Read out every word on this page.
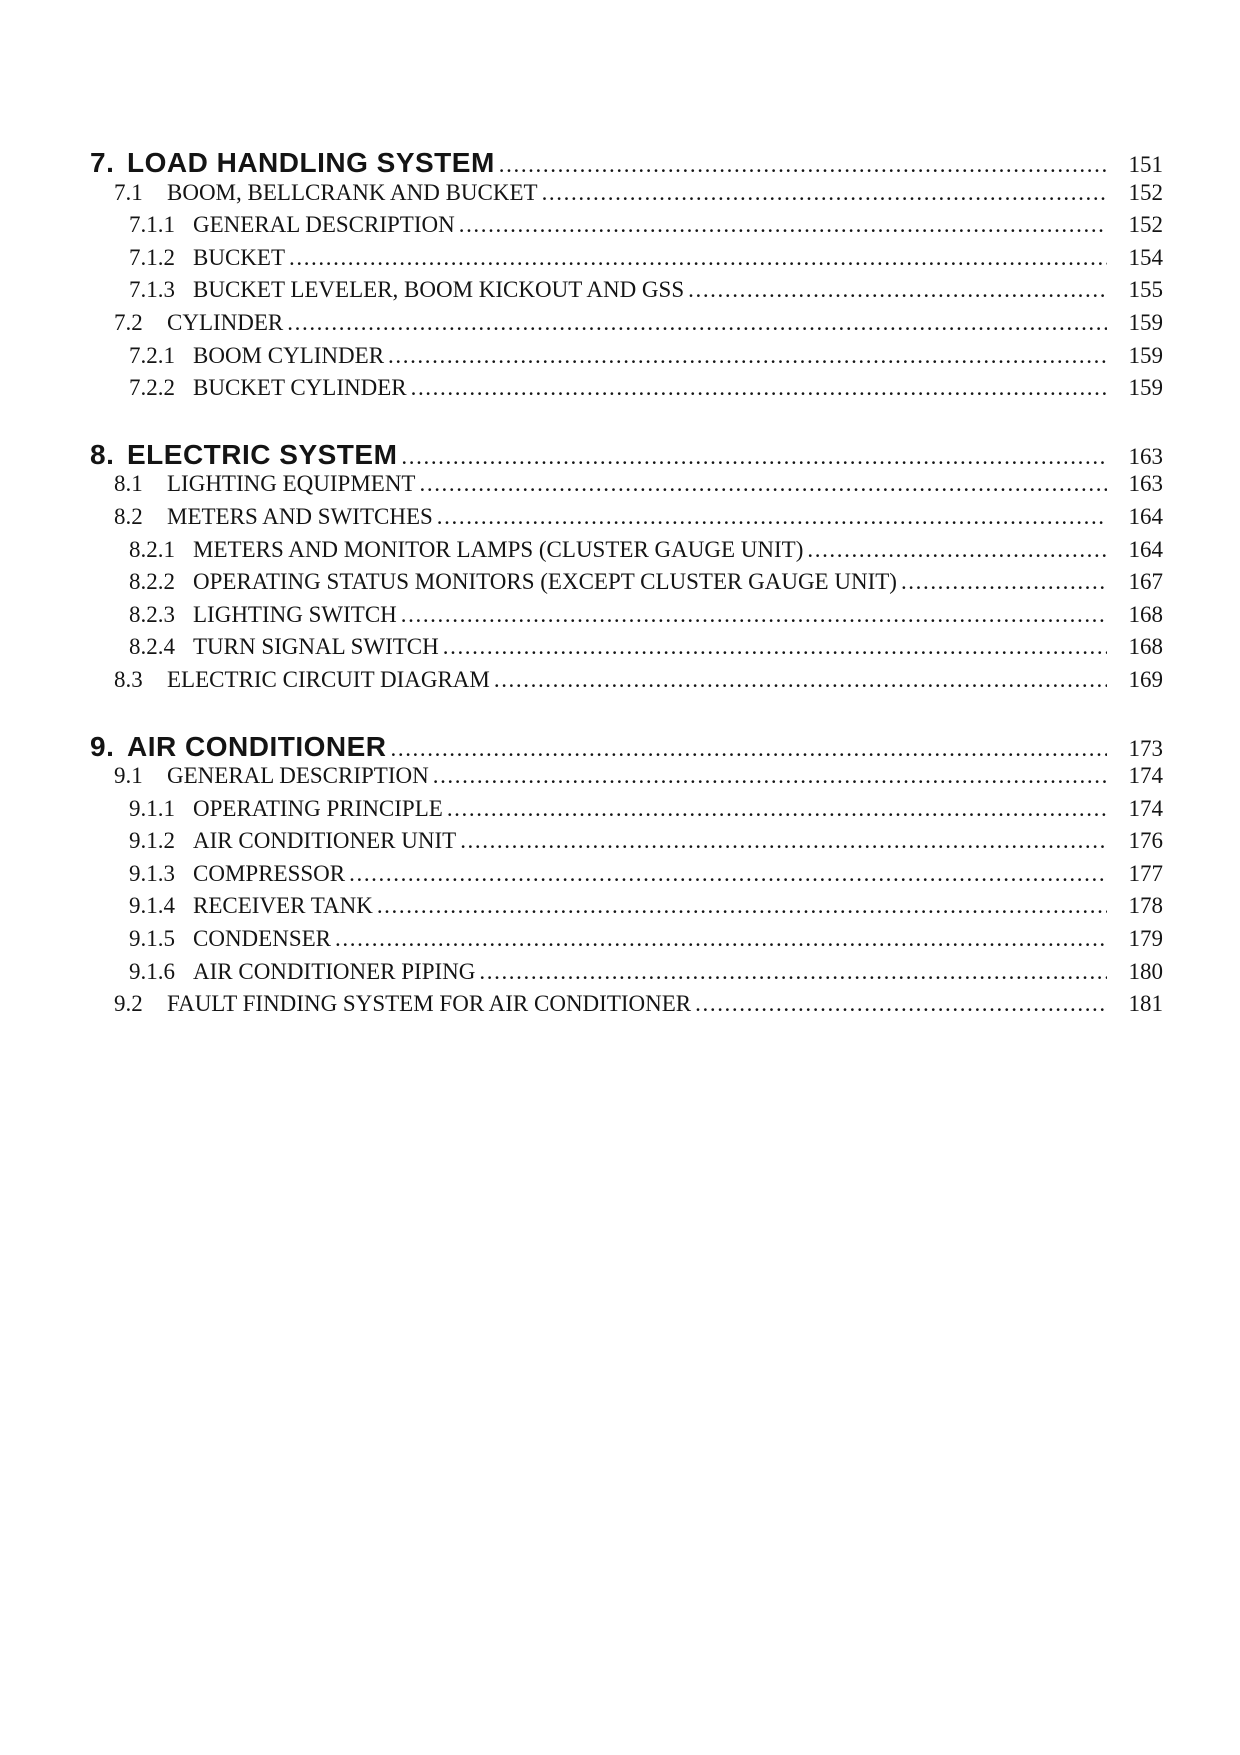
7. LOAD HANDLING SYSTEM .....	151
7.1	BOOM, BELLCRANK AND BUCKET .....	152
7.1.1 GENERAL DESCRIPTION .....	152
7.1.2 BUCKET .....	154
7.1.3 BUCKET LEVELER, BOOM KICKOUT AND GSS .....	155
7.2	CYLINDER .....	159
7.2.1 BOOM CYLINDER .....	159
7.2.2 BUCKET CYLINDER .....	159
8. ELECTRIC SYSTEM .....	163
8.1	LIGHTING EQUIPMENT .....	163
8.2	METERS AND SWITCHES .....	164
8.2.1 METERS AND MONITOR LAMPS (CLUSTER GAUGE UNIT) .....	164
8.2.2 OPERATING STATUS MONITORS (EXCEPT CLUSTER GAUGE UNIT) .....	167
8.2.3 LIGHTING SWITCH .....	168
8.2.4 TURN SIGNAL SWITCH .....	168
8.3	ELECTRIC CIRCUIT DIAGRAM .....	169
9. AIR CONDITIONER .....	173
9.1	GENERAL DESCRIPTION .....	174
9.1.1 OPERATING PRINCIPLE .....	174
9.1.2 AIR CONDITIONER UNIT .....	176
9.1.3 COMPRESSOR .....	177
9.1.4 RECEIVER TANK .....	178
9.1.5 CONDENSER .....	179
9.1.6 AIR CONDITIONER PIPING .....	180
9.2	FAULT FINDING SYSTEM FOR AIR CONDITIONER .....	181
